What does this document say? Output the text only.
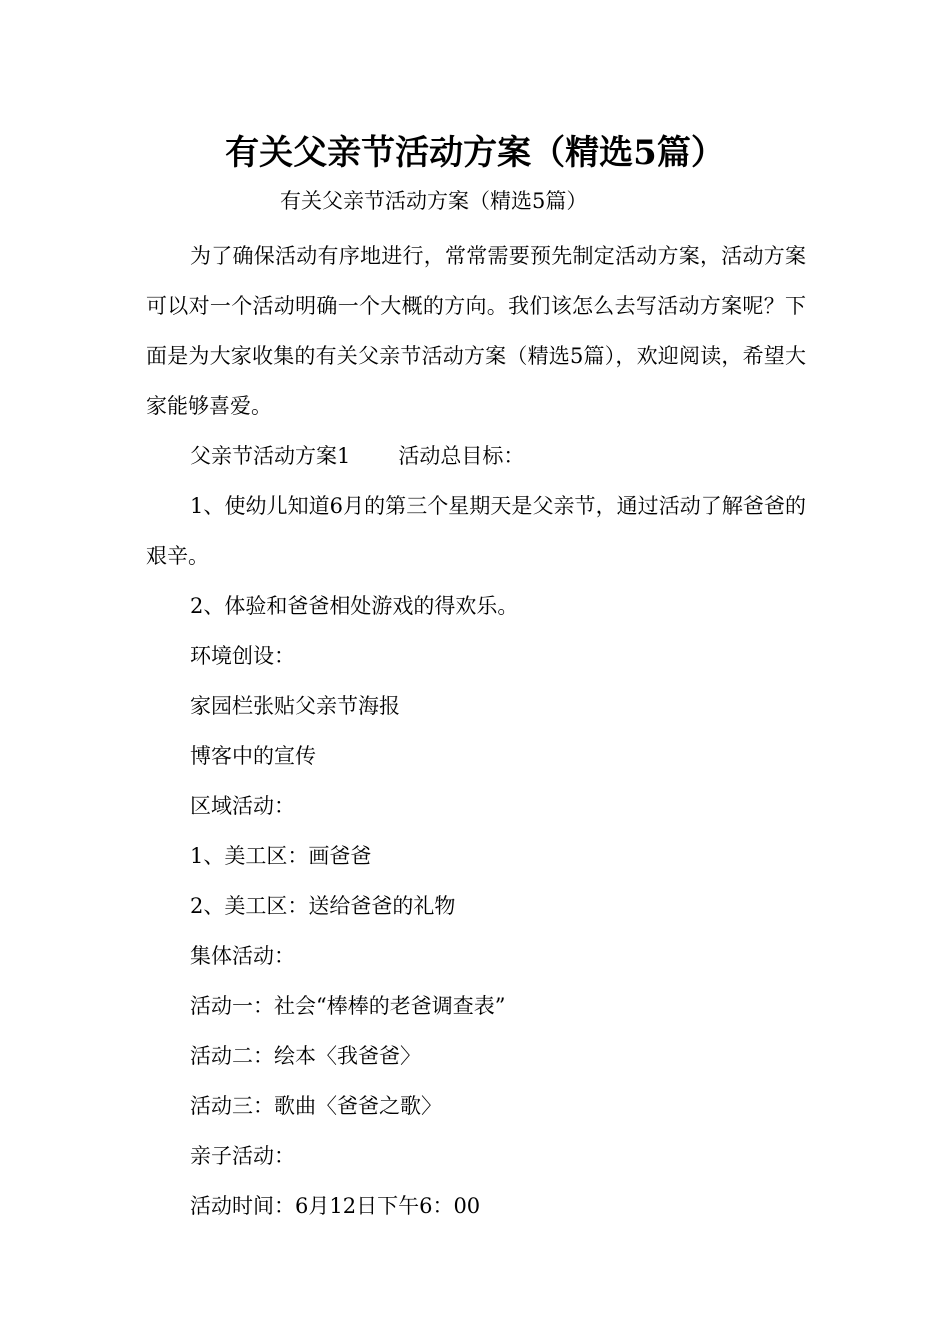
有关父亲节活动方案（精选5篇）

有关父亲节活动方案（精选5篇）

为了确保活动有序地进行，常常需要预先制定活动方案，活动方案可以对一个活动明确一个大概的方向。我们该怎么去写活动方案呢？下面是为大家收集的有关父亲节活动方案（精选5篇），欢迎阅读，希望大家能够喜爱。

父亲节活动方案1 活动总目标：

1、使幼儿知道6月的第三个星期天是父亲节，通过活动了解爸爸的艰辛。

2、体验和爸爸相处游戏的得欢乐。

环境创设：

家园栏张贴父亲节海报

博客中的宣传

区域活动：

1、美工区：画爸爸

2、美工区：送给爸爸的礼物

集体活动：

活动一：社会“棒棒的老爸调查表”

活动二：绘本〈我爸爸〉

活动三：歌曲〈爸爸之歌〉

亲子活动：

活动时间：6月12日下午6：00
